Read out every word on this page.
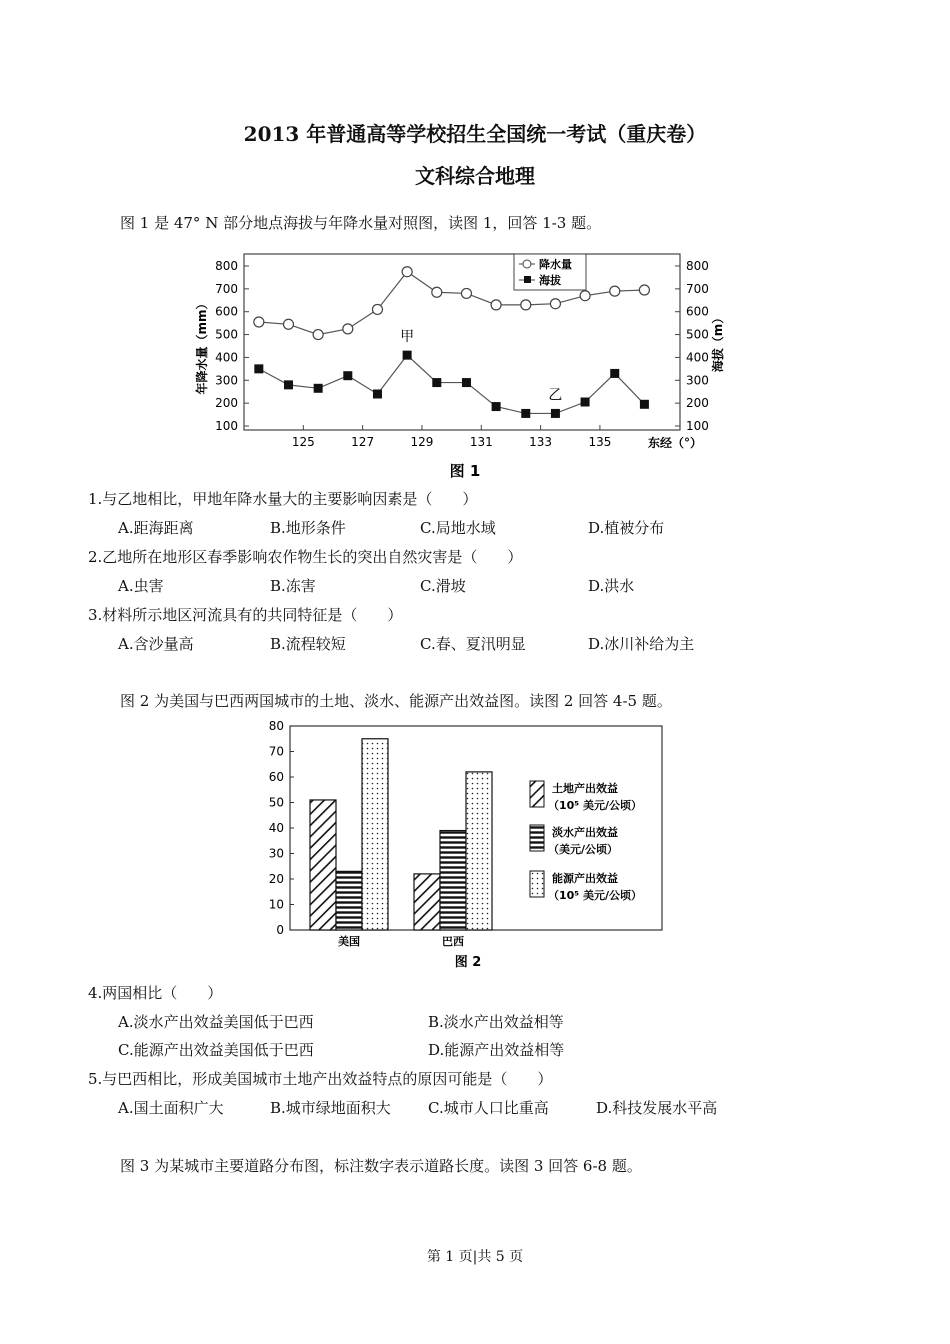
2013 年普通高等学校招生全国统一考试（重庆卷）
文科综合地理
图 1 是 47° N 部分地点海拔与年降水量对照图，读图 1，回答 1-3 题。
降水量
海拔
年降水量（mm）	海拔（m）
东经（°）
图 1
800	800
700	700
600	600
500	500
400	400
300	300
200	200
100	100
125	127	129	131	133	135
甲
乙
1.与乙地相比，甲地年降水量大的主要影响因素是（　　）
A.距海距离	B.地形条件	C.局地水域	D.植被分布
2.乙地所在地形区春季影响农作物生长的突出自然灾害是（　　）
A.虫害	B.冻害	C.滑坡	D.洪水
3.材料所示地区河流具有的共同特征是（　　）
A.含沙量高	B.流程较短	C.春、夏汛明显	D.冰川补给为主
图 2 为美国与巴西两国城市的土地、淡水、能源产出效益图。读图 2 回答 4-5 题。
图 2
0
10
20
30
40
50
60
70
80
美国	巴西
土地产出效益
（10⁵ 美元/公顷）
淡水产出效益
（美元/公顷）
能源产出效益
（10⁵ 美元/公顷）
4.两国相比（　　）
A.淡水产出效益美国低于巴西	B.淡水产出效益相等
C.能源产出效益美国低于巴西	D.能源产出效益相等
5.与巴西相比，形成美国城市土地产出效益特点的原因可能是（　　）
A.国土面积广大	B.城市绿地面积大 C.城市人口比重高	D.科技发展水平高
图 3 为某城市主要道路分布图，标注数字表示道路长度。读图 3 回答 6-8 题。
第 1 页|共 5 页
